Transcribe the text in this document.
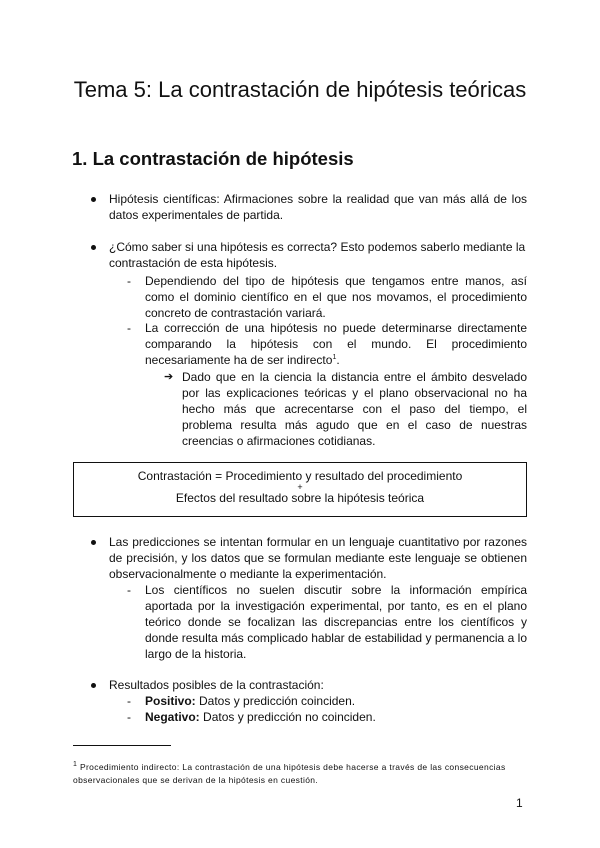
Tema 5: La contrastación de hipótesis teóricas
1. La contrastación de hipótesis

Hipótesis científicas: Afirmaciones sobre la realidad que van más allá de los datos experimentales de partida.

¿Cómo saber si una hipótesis es correcta? Esto podemos saberlo mediante la contrastación de esta hipótesis.

- Dependiendo del tipo de hipótesis que tengamos entre manos, así como el dominio científico en el que nos movamos, el procedimiento concreto de contrastación variará.

- La corrección de una hipótesis no puede determinarse directamente comparando la hipótesis con el mundo. El procedimiento necesariamente ha de ser indirecto$^1$.

➔ Dado que en la ciencia la distancia entre el ámbito desvelado por las explicaciones teóricas y el plano observacional no ha hecho más que acrecentarse con el paso del tiempo, el problema resulta más agudo que en el caso de nuestras creencias o afirmaciones cotidianas.

Contrastación = Procedimiento y resultado del procedimiento
+
Efectos del resultado sobre la hipótesis teórica

Las predicciones se intentan formular en un lenguaje cuantitativo por razones de precisión, y los datos que se formulan mediante este lenguaje se obtienen observacionalmente o mediante la experimentación.

- Los científicos no suelen discutir sobre la información empírica aportada por la investigación experimental, por tanto, es en el plano teórico donde se focalizan las discrepancias entre los científicos y donde resulta más complicado hablar de estabilidad y permanencia a lo largo de la historia.

Resultados posibles de la contrastación:

- Positivo: Datos y predicción coinciden.

- Negativo: Datos y predicción no coinciden.

$^1$ Procedimiento indirecto: La contrastación de una hipótesis debe hacerse a través de las consecuencias observacionales que se derivan de la hipótesis en cuestión.

1
